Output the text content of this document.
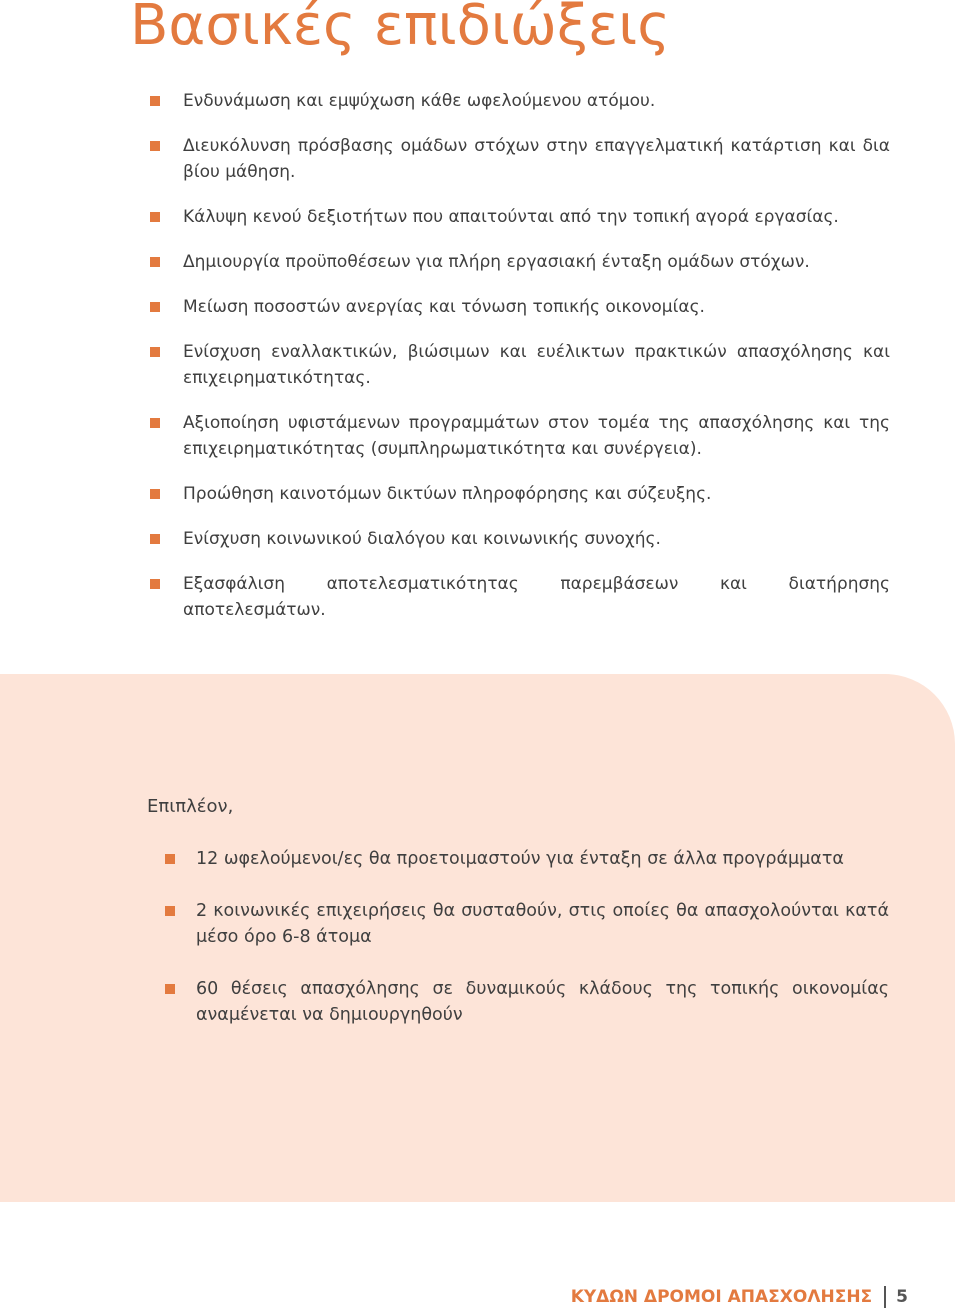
Βασικές επιδιώξεις
Ενδυνάμωση και εμψύχωση κάθε ωφελούμενου ατόμου.
Διευκόλυνση πρόσβασης ομάδων στόχων στην επαγγελματική κατάρτιση και δια βίου μάθηση.
Κάλυψη κενού δεξιοτήτων που απαιτούνται από την τοπική αγορά εργασίας.
Δημιουργία προϋποθέσεων για πλήρη εργασιακή ένταξη ομάδων στόχων.
Μείωση ποσοστών ανεργίας και τόνωση τοπικής οικονομίας.
Ενίσχυση εναλλακτικών, βιώσιμων και ευέλικτων πρακτικών απασχόλησης και επιχειρηματικότητας.
Αξιοποίηση υφιστάμενων προγραμμάτων στον τομέα της απασχόλησης και της επιχειρηματικότητας (συμπληρωματικότητα και συνέργεια).
Προώθηση καινοτόμων δικτύων πληροφόρησης και σύζευξης.
Ενίσχυση κοινωνικού διαλόγου και κοινωνικής συνοχής.
Εξασφάλιση αποτελεσματικότητας παρεμβάσεων και διατήρησης αποτελεσμάτων.

Επιπλέον,

12 ωφελούμενοι/ες θα προετοιμαστούν για ένταξη σε άλλα προγράμματα
2 κοινωνικές επιχειρήσεις θα συσταθούν, στις οποίες θα απασχολούνται κατά μέσο όρο 6-8 άτομα
60 θέσεις απασχόλησης σε δυναμικούς κλάδους της τοπικής οικονομίας αναμένεται να δημιουργηθούν
ΚΥΔΩΝ ΔΡΟΜΟΙ ΑΠΑΣΧΟΛΗΣΗΣ 5
